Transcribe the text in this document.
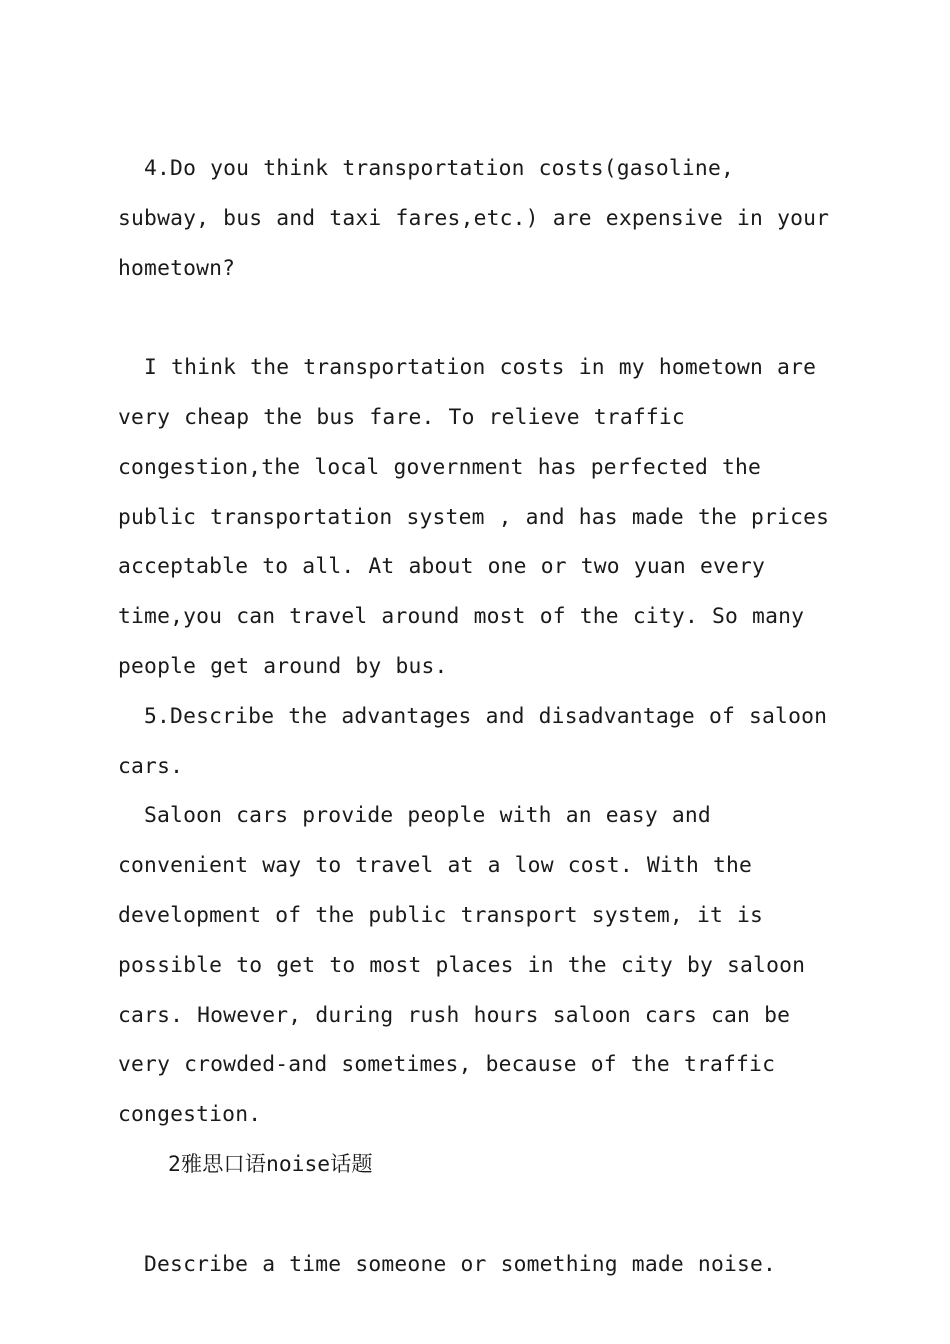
4.Do you think transportation costs(gasoline, subway, bus and taxi fares,etc.) are expensive in your hometown?

I think the transportation costs in my hometown are very cheap the bus fare. To relieve traffic congestion,the local government has perfected the public transportation system , and has made the prices acceptable to all. At about one or two yuan every time,you can travel around most of the city. So many people get around by bus.

5.Describe the advantages and disadvantage of saloon cars.

Saloon cars provide people with an easy and convenient way to travel at a low cost. With the development of the public transport system, it is possible to get to most places in the city by saloon cars. However, during rush hours saloon cars can be very crowded-and sometimes, because of the traffic congestion.

2雅思口语noise话题

Describe a time someone or something made noise.
